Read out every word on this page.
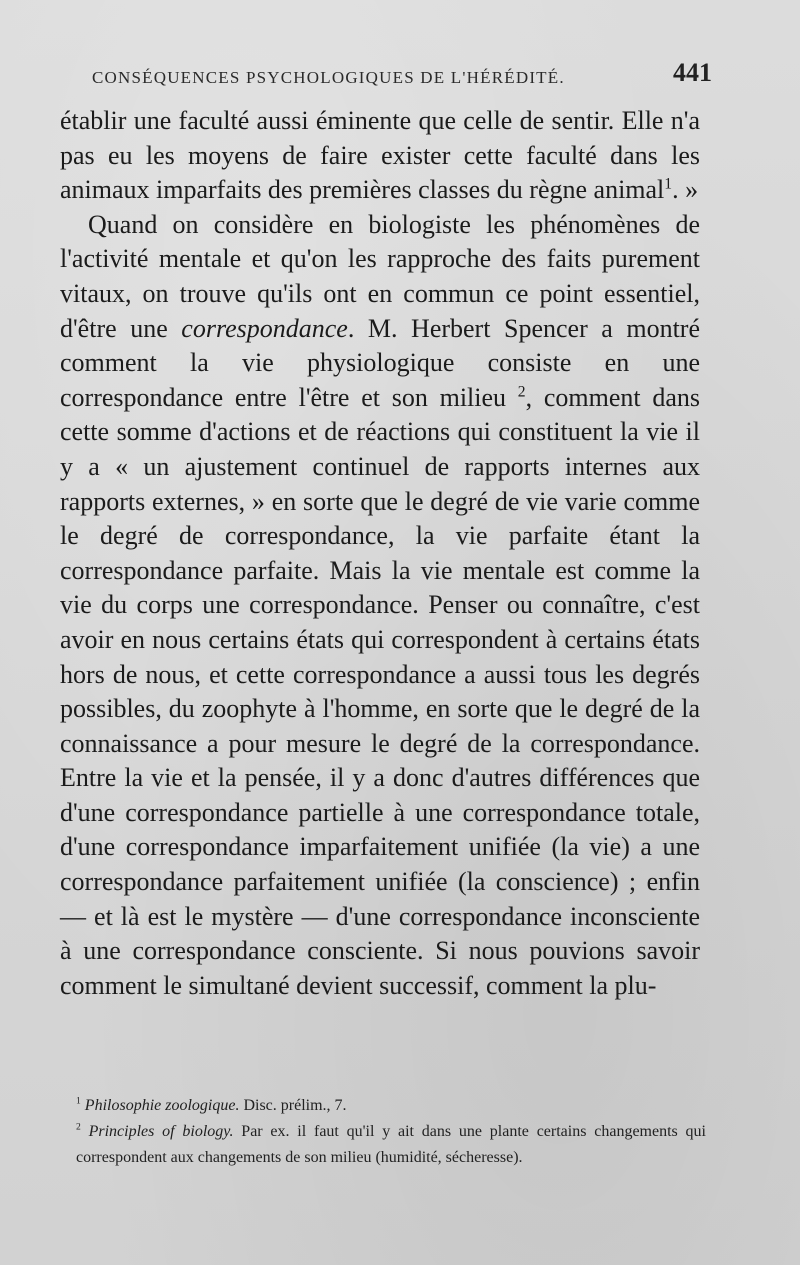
CONSÉQUENCES PSYCHOLOGIQUES DE L'HÉRÉDITÉ.	441

établir une faculté aussi éminente que celle de sentir. Elle n'a pas eu les moyens de faire exister cette faculté dans les animaux imparfaits des premières classes du règne animal$^1$. »

Quand on considère en biologiste les phénomènes de l'activité mentale et qu'on les rapproche des faits purement vitaux, on trouve qu'ils ont en commun ce point essentiel, d'être une correspondance. M. Herbert Spencer a montré comment la vie physiologique consiste en une correspondance entre l'être et son milieu $^2$, comment dans cette somme d'actions et de réactions qui constituent la vie il y a « un ajustement continuel de rapports internes aux rapports externes, » en sorte que le degré de vie varie comme le degré de correspondance, la vie parfaite étant la correspondance parfaite. Mais la vie mentale est comme la vie du corps une correspondance. Penser ou connaître, c'est avoir en nous certains états qui correspondent à certains états hors de nous, et cette correspondance a aussi tous les degrés possibles, du zoophyte à l'homme, en sorte que le degré de la connaissance a pour mesure le degré de la correspondance. Entre la vie et la pensée, il y a donc d'autres différences que d'une correspondance partielle à une correspondance totale, d'une correspondance imparfaitement unifiée (la vie) a une correspondance parfaitement unifiée (la conscience) ; enfin — et là est le mystère — d'une correspondance inconsciente à une correspondance consciente. Si nous pouvions savoir comment le simultané devient successif, comment la plu-

$^1$ Philosophie zoologique. Disc. prélim., 7.

$^2$ Principles of biology. Par ex. il faut qu'il y ait dans une plante certains changements qui correspondent aux changements de son milieu (humidité, sécheresse).
